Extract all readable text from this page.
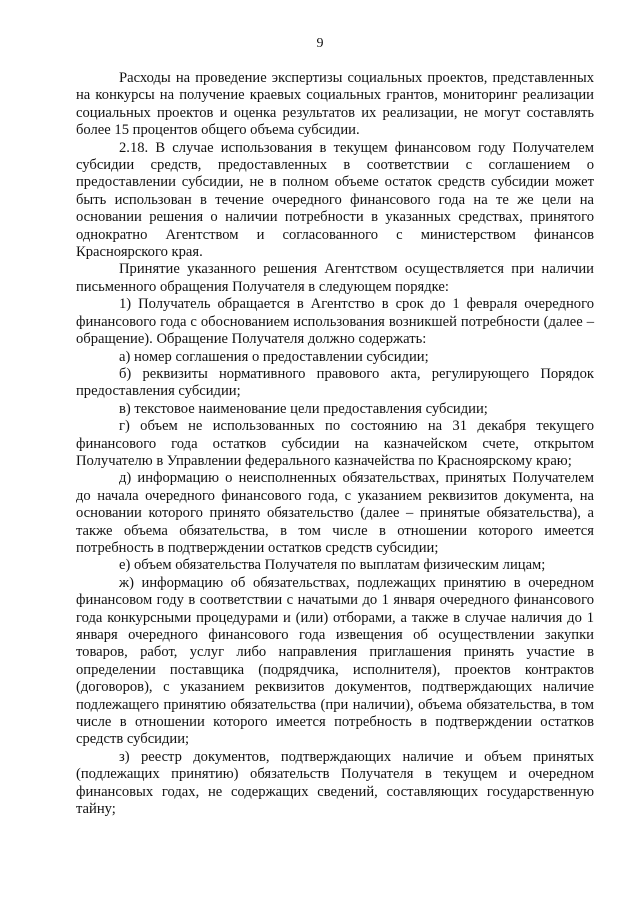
9

Расходы на проведение экспертизы социальных проектов, представленных на конкурсы на получение краевых социальных грантов, мониторинг реализации социальных проектов и оценка результатов их реализации, не могут составлять более 15 процентов общего объема субсидии.

2.18. В случае использования в текущем финансовом году Получателем субсидии средств, предоставленных в соответствии с соглашением о предоставлении субсидии, не в полном объеме остаток средств субсидии может быть использован в течение очередного финансового года на те же цели на основании решения о наличии потребности в указанных средствах, принятого однократно Агентством и согласованного с министерством финансов Красноярского края.

Принятие указанного решения Агентством осуществляется при наличии письменного обращения Получателя в следующем порядке:

1) Получатель обращается в Агентство в срок до 1 февраля очередного финансового года с обоснованием использования возникшей потребности (далее – обращение). Обращение Получателя должно содержать:

а) номер соглашения о предоставлении субсидии;

б) реквизиты нормативного правового акта, регулирующего Порядок предоставления субсидии;

в) текстовое наименование цели предоставления субсидии;

г) объем не использованных по состоянию на 31 декабря текущего финансового года остатков субсидии на казначейском счете, открытом Получателю в Управлении федерального казначейства по Красноярскому краю;

д) информацию о неисполненных обязательствах, принятых Получателем до начала очередного финансового года, с указанием реквизитов документа, на основании которого принято обязательство (далее – принятые обязательства), а также объема обязательства, в том числе в отношении которого имеется потребность в подтверждении остатков средств субсидии;

е) объем обязательства Получателя по выплатам физическим лицам;

ж) информацию об обязательствах, подлежащих принятию в очередном финансовом году в соответствии с начатыми до 1 января очередного финансового года конкурсными процедурами и (или) отборами, а также в случае наличия до 1 января очередного финансового года извещения об осуществлении закупки товаров, работ, услуг либо направления приглашения принять участие в определении поставщика (подрядчика, исполнителя), проектов контрактов (договоров), с указанием реквизитов документов, подтверждающих наличие подлежащего принятию обязательства (при наличии), объема обязательства, в том числе в отношении которого имеется потребность в подтверждении остатков средств субсидии;

з) реестр документов, подтверждающих наличие и объем принятых (подлежащих принятию) обязательств Получателя в текущем и очередном финансовых годах, не содержащих сведений, составляющих государственную тайну;
